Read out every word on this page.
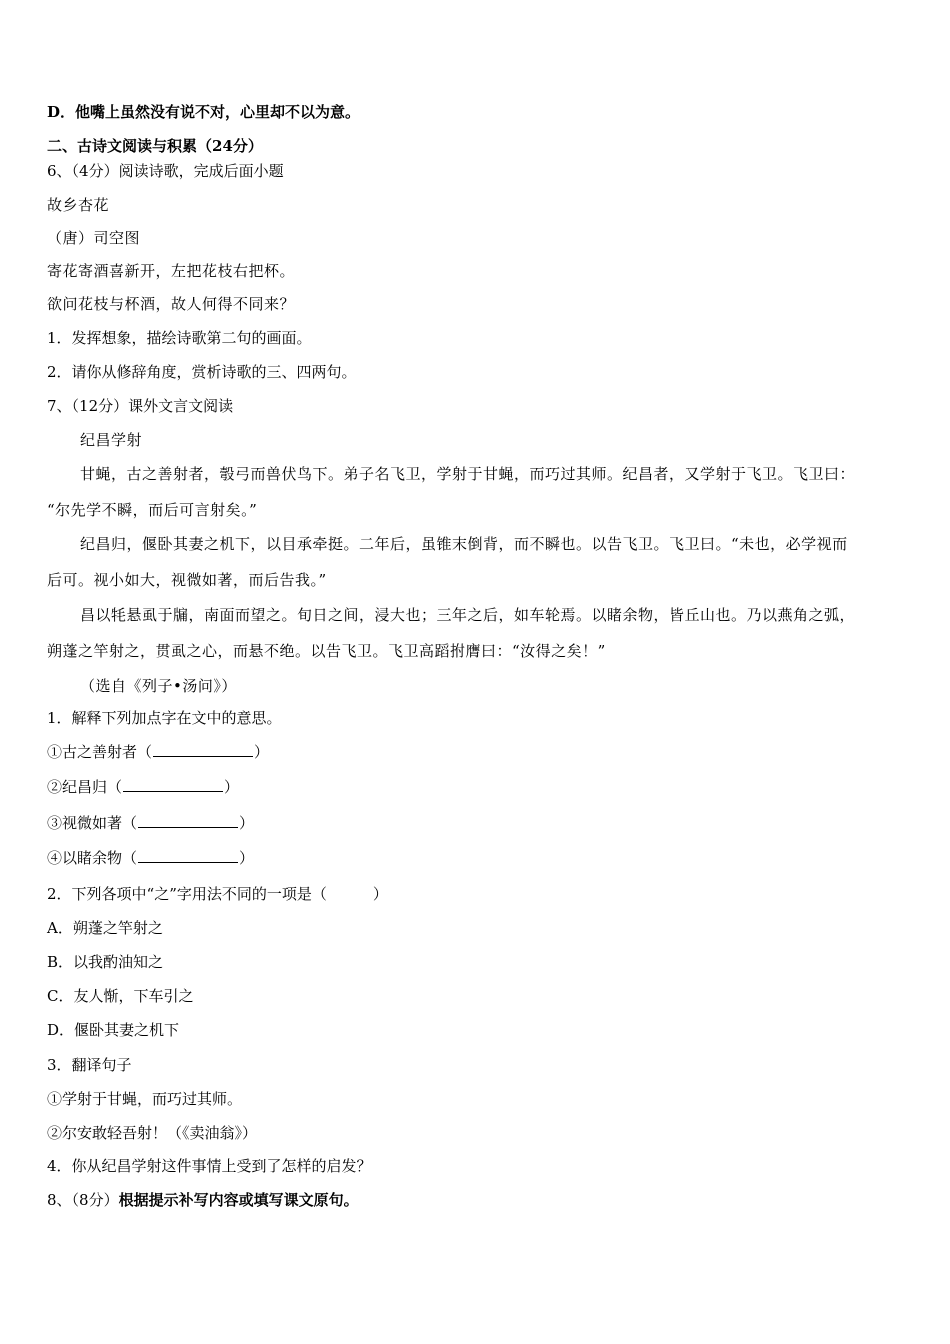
D．他嘴上虽然没有说不对，心里却不以为意。
二、古诗文阅读与积累（24分）
6、（4分）阅读诗歌，完成后面小题
故乡杏花
（唐）司空图
寄花寄酒喜新开，左把花枝右把杯。
欲问花枝与杯酒，故人何得不同来？
1．发挥想象，描绘诗歌第二句的画面。
2．请你从修辞角度，赏析诗歌的三、四两句。
7、（12分）课外文言文阅读
纪昌学射
甘蝇，古之善射者，彀弓而兽伏鸟下。弟子名飞卫，学射于甘蝇，而巧过其师。纪昌者，又学射于飞卫。飞卫曰：
“尔先学不瞬，而后可言射矣。”
纪昌归，偃卧其妻之机下，以目承牵挺。二年后，虽锥末倒背，而不瞬也。以告飞卫。飞卫曰。“未也，必学视而
后可。视小如大，视微如著，而后告我。”
昌以牦悬虱于牖，南面而望之。旬日之间，浸大也；三年之后，如车轮焉。以睹余物，皆丘山也。乃以燕角之弧，
朔蓬之竿射之，贯虱之心，而悬不绝。以告飞卫。飞卫高蹈拊膺曰：“汝得之矣！”
（选自《列子•汤问》）
1．解释下列加点字在文中的意思。
①古之善射者（	）
②纪昌归（	）
③视微如著（	）
④以睹余物（	）
2．下列各项中“之”字用法不同的一项是（	）
A．朔蓬之竿射之
B．以我酌油知之
C．友人惭，下车引之
D．偃卧其妻之机下
3．翻译句子
①学射于甘蝇，而巧过其师。
②尔安敢轻吾射！（《卖油翁》）
4．你从纪昌学射这件事情上受到了怎样的启发？
8、（8分）根据提示补写内容或填写课文原句。
